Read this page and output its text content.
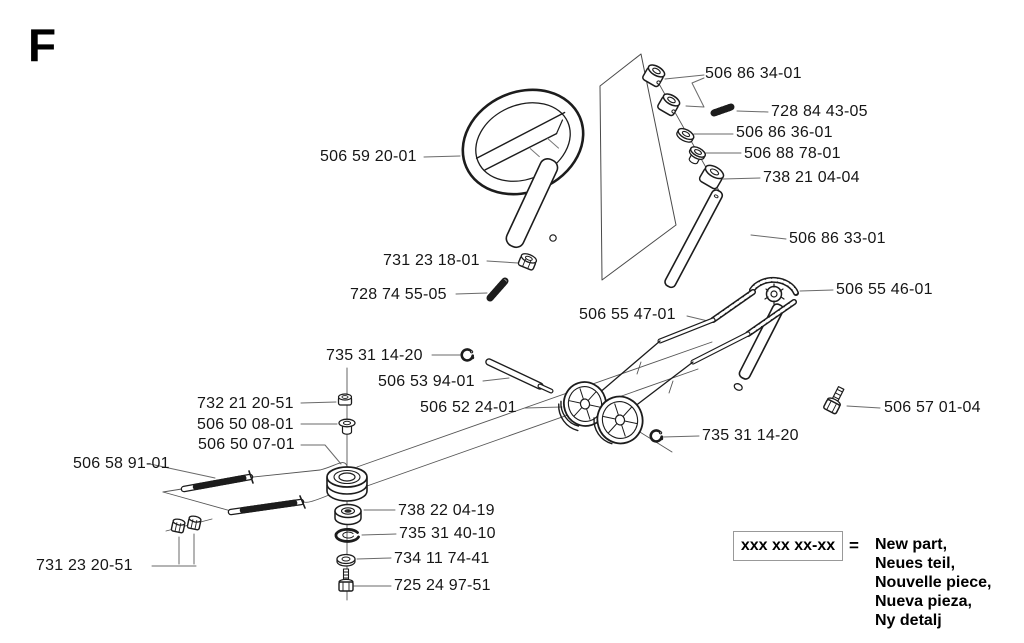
F
506 86 34-01
728 84 43-05
506 86 36-01
506 88 78-01
738 21 04-04
506 59 20-01
506 86 33-01
731 23 18-01
506 55 46-01
728 74 55-05
506 55 47-01
735 31 14-20
506 53 94-01
732 21 20-51	506 52 24-01
506 50 08-01
506 50 07-01
735 31 14-20
506 57 01-04
506 58 91-01
738 22 04-19
735 31 40-10
734 11 74-41
731 23 20-51
725 24 97-51
xxx xx xx-xx = New part,
Neues teil,
Nouvelle piece,
Nueva pieza,
Ny detalj
